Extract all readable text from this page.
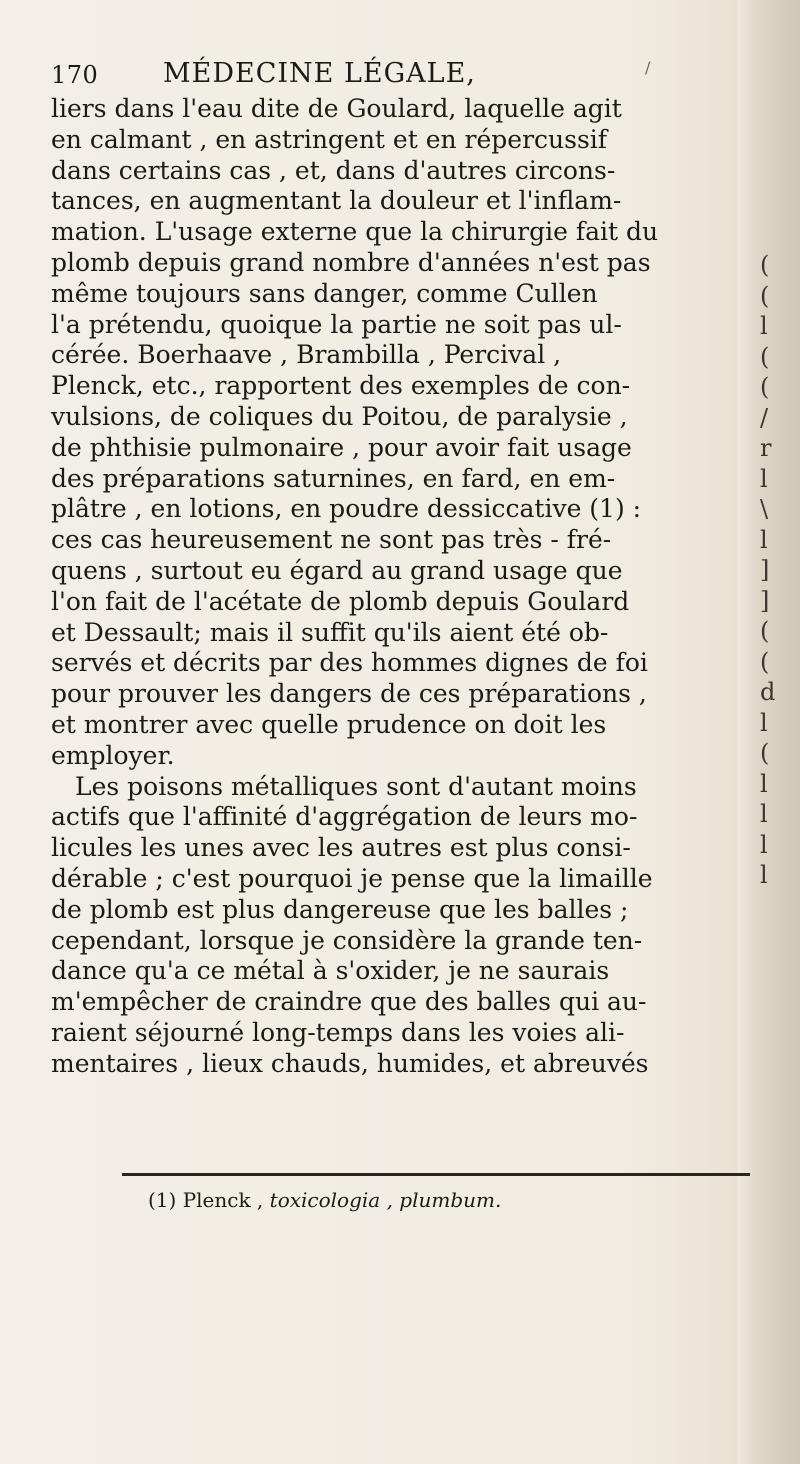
(
(
l
(
(
/
r
l
\
l
]
]
(
(
d
l
(
l
l
l
l
/
170 MÉDECINE LÉGALE,
liers dans l'eau dite de Goulard, laquelle agit
en calmant , en astringent et en répercussif
dans certains cas , et, dans d'autres circons-
tances, en augmentant la douleur et l'inflam-
mation. L'usage externe que la chirurgie fait du
plomb depuis grand nombre d'années n'est pas
même toujours sans danger, comme Cullen
l'a prétendu, quoique la partie ne soit pas ul-
cérée. Boerhaave , Brambilla , Percival ,
Plenck, etc., rapportent des exemples de con-
vulsions, de coliques du Poitou, de paralysie ,
de phthisie pulmonaire , pour avoir fait usage
des préparations saturnines, en fard, en em-
plâtre , en lotions, en poudre dessiccative (1) :
ces cas heureusement ne sont pas très - fré-
quens , surtout eu égard au grand usage que
l'on fait de l'acétate de plomb depuis Goulard
et Dessault; mais il suffit qu'ils aient été ob-
servés et décrits par des hommes dignes de foi
pour prouver les dangers de ces préparations ,
et montrer avec quelle prudence on doit les
employer.
Les poisons métalliques sont d'autant moins
actifs que l'affinité d'aggrégation de leurs mo-
licules les unes avec les autres est plus consi-
dérable ; c'est pourquoi je pense que la limaille
de plomb est plus dangereuse que les balles ;
cependant, lorsque je considère la grande ten-
dance qu'a ce métal à s'oxider, je ne saurais
m'empêcher de craindre que des balles qui au-
raient séjourné long-temps dans les voies ali-
mentaires , lieux chauds, humides, et abreuvés
(1) Plenck , toxicologia , plumbum.
